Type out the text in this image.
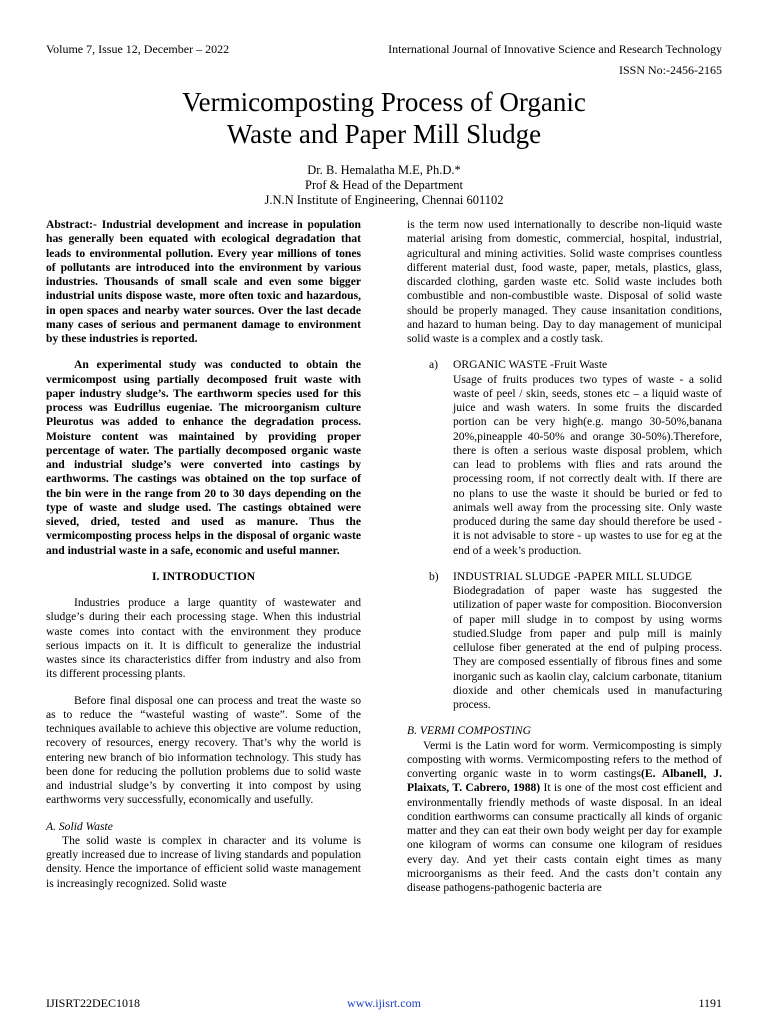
Volume 7, Issue 12, December – 2022	International Journal of Innovative Science and Research Technology
ISSN No:-2456-2165
Vermicomposting Process of Organic
Waste and Paper Mill Sludge
Dr. B. Hemalatha M.E, Ph.D.*
Prof & Head of the Department
J.N.N Institute of Engineering, Chennai 601102

Abstract:- Industrial development and increase in population has generally been equated with ecological degradation that leads to environmental pollution. Every year millions of tones of pollutants are introduced into the environment by various industries. Thousands of small scale and even some bigger industrial units dispose waste, more often toxic and hazardous, in open spaces and nearby water sources. Over the last decade many cases of serious and permanent damage to environment by these industries is reported.

An experimental study was conducted to obtain the vermicompost using partially decomposed fruit waste with paper industry sludge’s. The earthworm species used for this process was Eudrillus eugeniae. The microorganism culture Pleurotus was added to enhance the degradation process. Moisture content was maintained by providing proper percentage of water. The partially decomposed organic waste and industrial sludge’s were converted into castings by earthworms. The castings was obtained on the top surface of the bin were in the range from 20 to 30 days depending on the type of waste and sludge used. The castings obtained were sieved, dried, tested and used as manure. Thus the vermicomposting process helps in the disposal of organic waste and industrial waste in a safe, economic and useful manner.

I. INTRODUCTION

Industries produce a large quantity of wastewater and sludge’s during their each processing stage. When this industrial waste comes into contact with the environment they produce serious impacts on it. It is difficult to generalize the industrial wastes since its characteristics differ from industry and also from its different processing plants.

Before final disposal one can process and treat the waste so as to reduce the “wasteful wasting of waste”. Some of the techniques available to achieve this objective are volume reduction, recovery of resources, energy recovery. That’s why the world is entering new branch of bio information technology. This study has been done for reducing the pollution problems due to solid waste and industrial sludge’s by converting it into compost by using earthworms very successfully, economically and usefully.

A. Solid Waste

The solid waste is complex in character and its volume is greatly increased due to increase of living standards and population density. Hence the importance of efficient solid waste management is increasingly recognized. Solid waste

is the term now used internationally to describe non-liquid waste material arising from domestic, commercial, hospital, industrial, agricultural and mining activities. Solid waste comprises countless different material dust, food waste, paper, metals, plastics, glass, discarded clothing, garden waste etc. Solid waste includes both combustible and non-combustible waste. Disposal of solid waste should be properly managed. They cause insanitation conditions, and hazard to human being. Day to day management of municipal solid waste is a complex and a costly task.

a)	ORGANIC WASTE -Fruit Waste

Usage of fruits produces two types of waste - a solid waste of peel / skin, seeds, stones etc – a liquid waste of juice and wash waters. In some fruits the discarded portion can be very high(e.g. mango 30-50%,banana 20%,pineapple 40-50% and orange 30-50%).Therefore, there is often a serious waste disposal problem, which can lead to problems with flies and rats around the processing room, if not correctly dealt with. If there are no plans to use the waste it should be buried or fed to animals well away from the processing site. Only waste produced during the same day should therefore be used - it is not advisable to store - up wastes to use for eg at the end of a week’s production.

b)	INDUSTRIAL SLUDGE -PAPER MILL SLUDGE

Biodegradation of paper waste has suggested the utilization of paper waste for composition. Bioconversion of paper mill sludge in to compost by using worms studied.Sludge from paper and pulp mill is mainly cellulose fiber generated at the end of pulping process. They are composed essentially of fibrous fines and some inorganic such as kaolin clay, calcium carbonate, titanium dioxide and other chemicals used in manufacturing process.

B. VERMI COMPOSTING

Vermi is the Latin word for worm. Vermicomposting is simply composting with worms. Vermicomposting refers to the method of converting organic waste in to worm castings(E. Albanell, J. Plaixats, T. Cabrero, 1988) It is one of the most cost efficient and environmentally friendly methods of waste disposal. In an ideal condition earthworms can consume practically all kinds of organic matter and they can eat their own body weight per day for example one kilogram of worms can consume one kilogram of residues every day. And yet their casts contain eight times as many microorganisms as their feed. And the casts don’t contain any disease pathogens-pathogenic bacteria are

IJISRT22DEC1018	www.ijisrt.com	1191
